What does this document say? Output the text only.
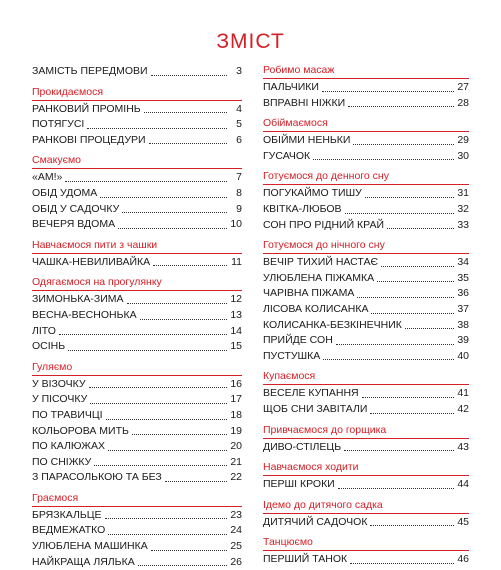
ЗМІСТ
ЗАМІСТЬ ПЕРЕДМОВИ	3
Прокидаємося
РАНКОВИЙ ПРОМІНЬ	4
ПОТЯГУСІ	5
РАНКОВІ ПРОЦЕДУРИ	6
Смакуємо
«АМ!»	7
ОБІД УДОМА	8
ОБІД У САДОЧКУ	9
ВЕЧЕРЯ ВДОМА	10
Навчаємося пити з чашки
ЧАШКА-НЕВИЛИВАЙКА	11
Одягаємося на прогулянку
ЗИМОНЬКА-ЗИМА	12
ВЕСНА-ВЕСНОНЬКА	13
ЛІТО	14
ОСІНЬ	15
Гуляємо
У ВІЗОЧКУ	16
У ПІСОЧКУ	17
ПО ТРАВИЧЦІ	18
КОЛЬОРОВА МИТЬ	19
ПО КАЛЮЖАХ	20
ПО СНІЖКУ	21
З ПАРАСОЛЬКОЮ ТА БЕЗ	22
Граємося
БРЯЗКАЛЬЦЕ	23
ВЕДМЕЖАТКО	24
УЛЮБЛЕНА МАШИНКА	25
НАЙКРАЩА ЛЯЛЬКА	26
Робимо масаж
ПАЛЬЧИКИ	27
ВПРАВНІ НІЖКИ	28
Обіймаємося
ОБІЙМИ НЕНЬКИ	29
ГУСАЧОК	30
Готуємося до денного сну
ПОГУКАЙМО ТИШУ	31
КВІТКА-ЛЮБОВ	32
СОН ПРО РІДНИЙ КРАЙ	33
Готуємося до нічного сну
ВЕЧІР ТИХИЙ НАСТАЄ	34
УЛЮБЛЕНА ПІЖАМКА	35
ЧАРІВНА ПІЖАМА	36
ЛІСОВА КОЛИСАНКА	37
КОЛИСАНКА-БЕЗКІНЕЧНИК	38
ПРИЙДЕ СОН	39
ПУСТУШКА	40
Купаємося
ВЕСЕЛЕ КУПАННЯ	41
ЩОБ СНИ ЗАВІТАЛИ	42
Привчаємося до горщика
ДИВО-СТІЛЕЦЬ	43
Навчаємося ходити
ПЕРШІ КРОКИ	44
Ідемо до дитячого садка
ДИТЯЧИЙ САДОЧОК	45
Танцюємо
ПЕРШИЙ ТАНОК	46
